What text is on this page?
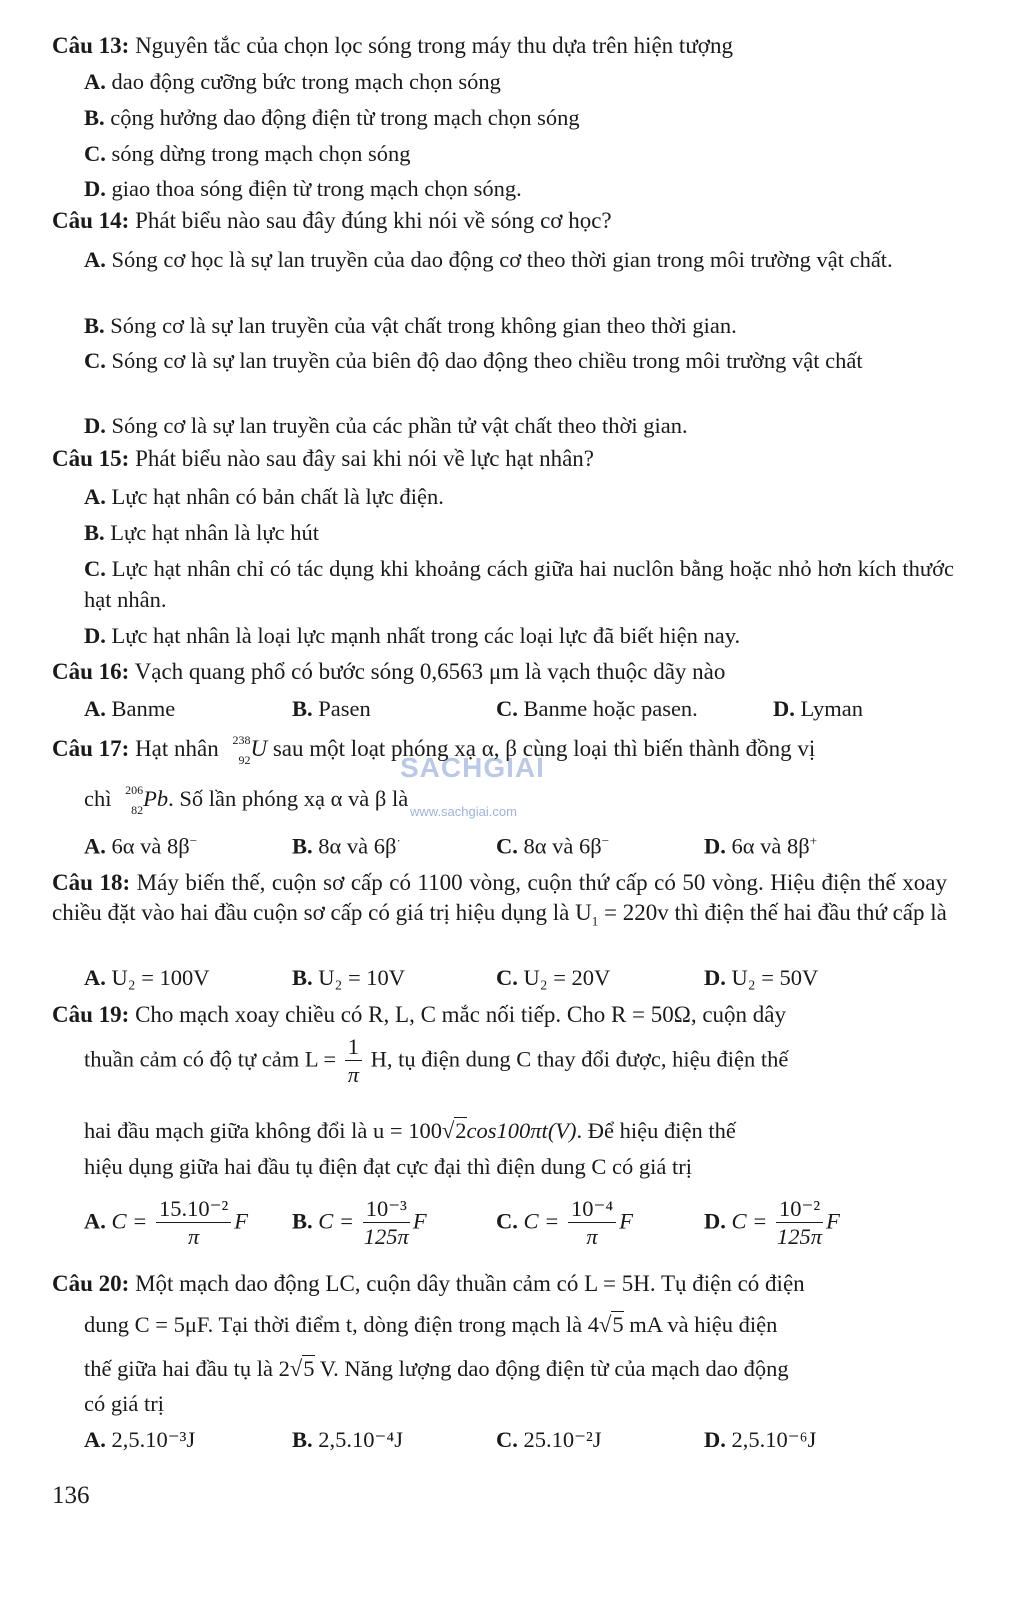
Câu 13: Nguyên tắc của chọn lọc sóng trong máy thu dựa trên hiện tượng
A. dao động cưỡng bức trong mạch chọn sóng
B. cộng hưởng dao động điện từ trong mạch chọn sóng
C. sóng dừng trong mạch chọn sóng
D. giao thoa sóng điện từ trong mạch chọn sóng.
Câu 14: Phát biểu nào sau đây đúng khi nói về sóng cơ học?
A. Sóng cơ học là sự lan truyền của dao động cơ theo thời gian trong môi trường vật chất.
B. Sóng cơ là sự lan truyền của vật chất trong không gian theo thời gian.
C. Sóng cơ là sự lan truyền của biên độ dao động theo chiều trong môi trường vật chất
D. Sóng cơ là sự lan truyền của các phần tử vật chất theo thời gian.
Câu 15: Phát biểu nào sau đây sai khi nói về lực hạt nhân?
A. Lực hạt nhân có bản chất là lực điện.
B. Lực hạt nhân là lực hút
C. Lực hạt nhân chỉ có tác dụng khi khoảng cách giữa hai nuclôn bằng hoặc nhỏ hơn kích thước hạt nhân.
D. Lực hạt nhân là loại lực mạnh nhất trong các loại lực đã biết hiện nay.
Câu 16: Vạch quang phổ có bước sóng 0,6563 μm là vạch thuộc dãy nào
A. Banme	B. Pasen	C. Banme hoặc pasen.	D. Lyman
SACHGIAI
www.sachgiai.com
Câu 17: Hạt nhân 238
92 U sau một loạt phóng xạ α, β cùng loại thì biến thành đồng vị
chì 206
82 Pb. Số lần phóng xạ α và β là
A. 6α và 8β−	B. 8α và 6β·	C. 8α và 6β−	D. 6α và 8β+
Câu 18: Máy biến thế, cuộn sơ cấp có 1100 vòng, cuộn thứ cấp có 50 vòng. Hiệu điện thế xoay chiều đặt vào hai đầu cuộn sơ cấp có giá trị hiệu dụng là $U_1 = 220v$ thì điện thế hai đầu thứ cấp là
A. U₂ = 100V	B. U₂ = 10V	C. U₂ = 20V	D. U₂ = 50V
Câu 19: Cho mạch xoay chiều có R, L, C mắc nối tiếp. Cho R = 50Ω, cuộn dây
thuần cảm có độ tự cảm $L = \frac{1}{\pi} H$, tụ điện dung C thay đổi được, hiệu điện thế
hai đầu mạch giữa không đổi là u = 100√2cos100πt(V). Để hiệu điện thế
hiệu dụng giữa hai đầu tụ điện đạt cực đại thì điện dung C có giá trị
A. $C = \frac{\text{15.10⁻²}}{\pi}$ F B. $C = \frac{\text{10⁻³}}{125\pi}$ F	C. $C = \frac{\text{10⁻⁴}}{\pi}$ F	D. $C = \frac{\text{10⁻²}}{125\pi}$ F
Câu 20: Một mạch dao động LC, cuộn dây thuần cảm có L = 5H. Tụ điện có điện
dung C = 5μF. Tại thời điểm t, dòng điện trong mạch là 4√5 mA và hiệu điện
thế giữa hai đầu tụ là 2√5 V. Năng lượng dao động điện từ của mạch dao động
có giá trị
A. 2,5.10⁻³J	B. 2,5.10⁻⁴J	C. 25.10⁻²J	D. 2,5.10⁻⁶J
136
